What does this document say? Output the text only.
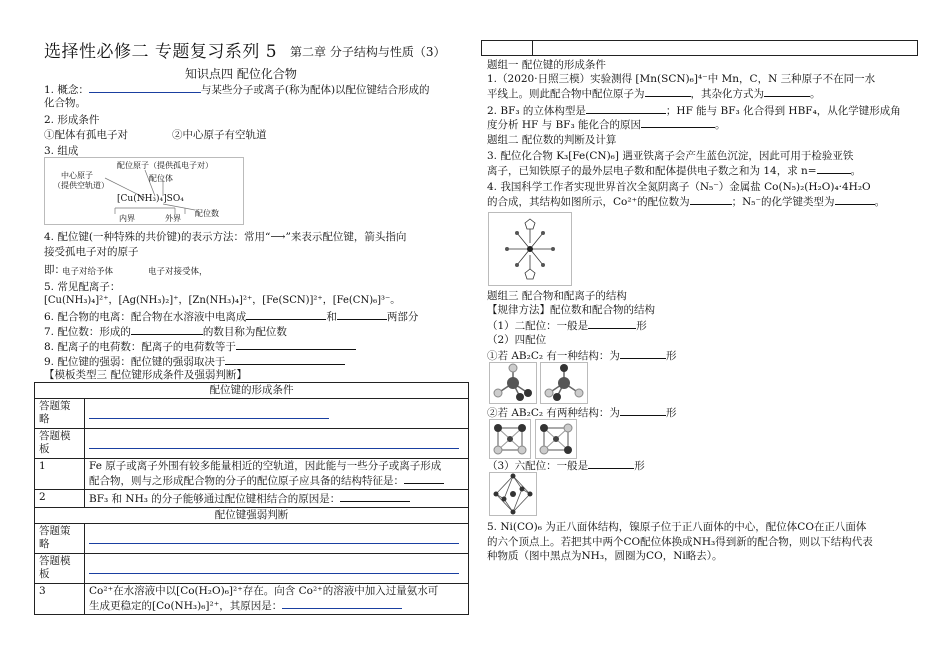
选择性必修二 专题复习系列 5 第二章 分子结构与性质（3）
知识点四 配位化合物
1. 概念：	与某些分子或离子(称为配体)以配位键结合形成的
化合物。
2. 形成条件
①配体有孤电子对	②中心原子有空轨道
3. 组成
配位原子（提供孤电子对）
中心原子
（提供空轨道）
配位体
[Cu(NH₃)₄]SO₄
内界	外界
配位数
4. 配位键(一种特殊的共价键)的表示方法：常用“⟶”来表示配位键，箭头指向
接受孤电子对的原子
即：
电子对给予体	电子对接受体，
5. 常见配离子：
[Cu(NH₃)₄]²⁺，[Ag(NH₃)₂]⁺，[Zn(NH₃)₄]²⁺，[Fe(SCN)]²⁺，[Fe(CN)₆]³⁻。
6. 配合物的电离：配合物在水溶液中电离成	和	两部分
7. 配位数：形成的	的数目称为配位数
8. 配离子的电荷数：配离子的电荷数等于
9. 配位键的强弱：配位键的强弱取决于
【模板类型三 配位键形成条件及强弱判断】
配位键的形成条件	
答题策略	

答题模板	

1	Fe 原子或离子外围有较多能量相近的空轨道，因此能与一些分子或离子形成
配合物，则与之形成配合物的分子的配位原子应具备的结构特征是：

2	BF₃ 和 NH₃ 的分子能够通过配位键相结合的原因是：
配位键强弱判断	
答题策略	

答题模板	

3	Co²⁺在水溶液中以[Co(H₂O)₆]²⁺存在。向含 Co²⁺的溶液中加入过量氨水可
生成更稳定的[Co(NH₃)₆]²⁺，其原因是：
题组一 配位键的形成条件
1.（2020·日照三模）实验测得 [Mn(SCN)₆]⁴⁻中 Mn，C，N 三种原子不在同一水
平线上。则此配合物中配位原子为	，其杂化方式为	。
2. BF₃ 的立体构型是	；HF 能与 BF₃ 化合得到 HBF₄，从化学键形成角
度分析 HF 与 BF₃ 能化合的原因	。
题组二 配位数的判断及计算
3. 配位化合物 K₃[Fe(CN)₆] 遇亚铁离子会产生蓝色沉淀，因此可用于检验亚铁
离子，已知铁原子的最外层电子数和配体提供电子数之和为 14，求 n=	。
4. 我国科学工作者实现世界首次全氮阴离子（N₅⁻）金属盐 Co(N₅)₂(H₂O)₄·4H₂O
的合成，其结构如图所示，Co²⁺的配位数为	；N₅⁻的化学键类型为	。
题组三 配合物和配离子的结构
【规律方法】配位数和配合物的结构
（1）二配位：一般是	形
（2）四配位
①若 AB₂C₂ 有一种结构：为	形
②若 AB₂C₂ 有两种结构：为	形
（3）六配位：一般是	形
5. Ni(CO)₆ 为正八面体结构，镍原子位于正八面体的中心，配位体CO在正八面体
的六个顶点上。若把其中两个CO配位体换成NH₃得到新的配合物，则以下结构代表
种物质（图中黑点为NH₃，圆圈为CO，Ni略去）。
